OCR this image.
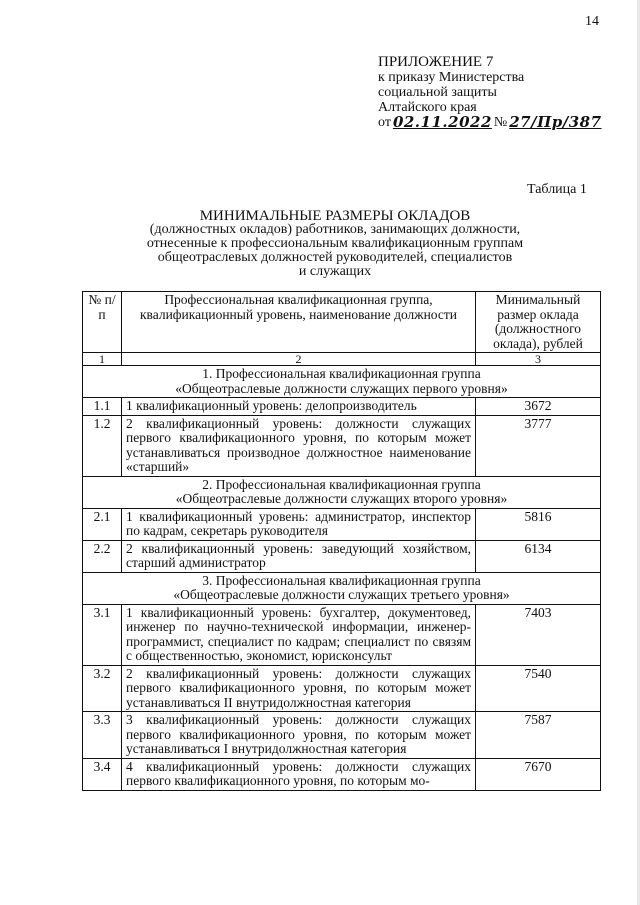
14
ПРИЛОЖЕНИЕ 7
к приказу Министерства
социальной защиты
Алтайского края
от 02.11.2022 № 27/Пр/387
Таблица 1
МИНИМАЛЬНЫЕ РАЗМЕРЫ ОКЛАДОВ
(должностных окладов) работников, занимающих должности,
отнесенные к профессиональным квалификационным группам
общеотраслевых должностей руководителей, специалистов
и служащих
№ п/п	Профессиональная квалификационная группа, квалификационный уровень, наименование должности	Минимальный размер оклада (должностного оклада), рублей
1	2	3

1. Профессиональная квалификационная группа
«Общеотраслевые должности служащих первого уровня»		

1.1	1 квалификационный уровень: делопроизводитель	3672
1.2	2 квалификационный уровень: должности служащих первого квалификационного уровня, по которым может устанавливаться производное должностное наименование «старший»	3777

2. Профессиональная квалификационная группа
«Общеотраслевые должности служащих второго уровня»		

2.1	1 квалификационный уровень: администратор, инспектор по кадрам, секретарь руководителя	5816
2.2	2 квалификационный уровень: заведующий хозяйством, старший администратор	6134

3. Профессиональная квалификационная группа
«Общеотраслевые должности служащих третьего уровня»		

3.1	1 квалификационный уровень: бухгалтер, документовед, инженер по научно-технической информации, инженер-программист, специалист по кадрам; специалист по связям с общественностью, экономист, юрисконсульт	7403
3.2	2 квалификационный уровень: должности служащих первого квалификационного уровня, по которым может устанавливаться II внутридолжностная категория	7540
3.3	3 квалификационный уровень: должности служащих первого квалификационного уровня, по которым может устанавливаться I внутридолжностная категория	7587
3.4	4 квалификационный уровень: должности служащих первого квалификационного уровня, по которым мо-	7670
